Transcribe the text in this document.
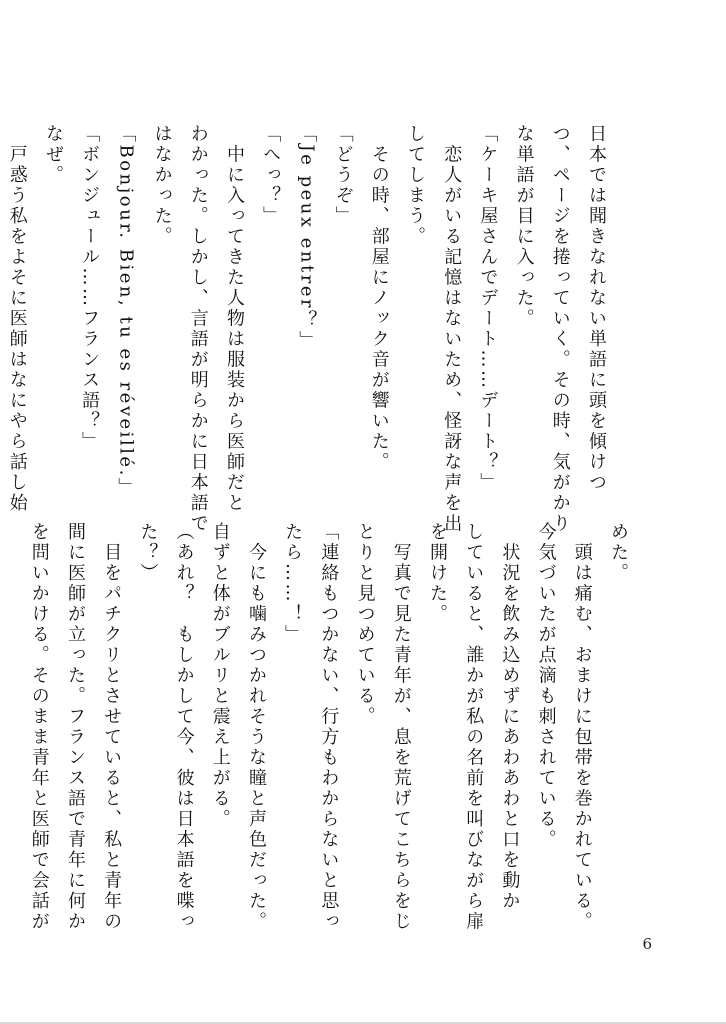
日本では聞きなれない単語に頭を傾けつ

つ、ページを捲っていく。その時、気がかり

な単語が目に入った。

「ケーキ屋さんでデート……デート？」

　恋人がいる記憶はないため、怪訝な声を出

してしまう。

　その時、部屋にノック音が響いた。

「どうぞ」

「Je peux entrer？」

「へっ？」

　中に入ってきた人物は服装から医師だと

わかった。しかし、言語が明らかに日本語で

はなかった。

「Bonjour. Bien, tu es réveillé.」

「ボンジュール……フランス語？」

なぜ。

　戸惑う私をよそに医師はなにやら話し始

めた。

　頭は痛む、おまけに包帯を巻かれている。

今気づいたが点滴も刺されている。

　状況を飲み込めずにあわあわと口を動か

していると、誰かが私の名前を叫びながら扉

を開けた。

　写真で見た青年が、息を荒げてこちらをじ

とりと見つめている。

「連絡もつかない、行方もわからないと思っ

たら……！」

　今にも噛みつかれそうな瞳と声色だった。

自ずと体がブルリと震え上がる。

（あれ？　もしかして今、彼は日本語を喋っ

た？）

　目をパチクリとさせていると、私と青年の

間に医師が立った。フランス語で青年に何か

を問いかける。そのまま青年と医師で会話が

6
